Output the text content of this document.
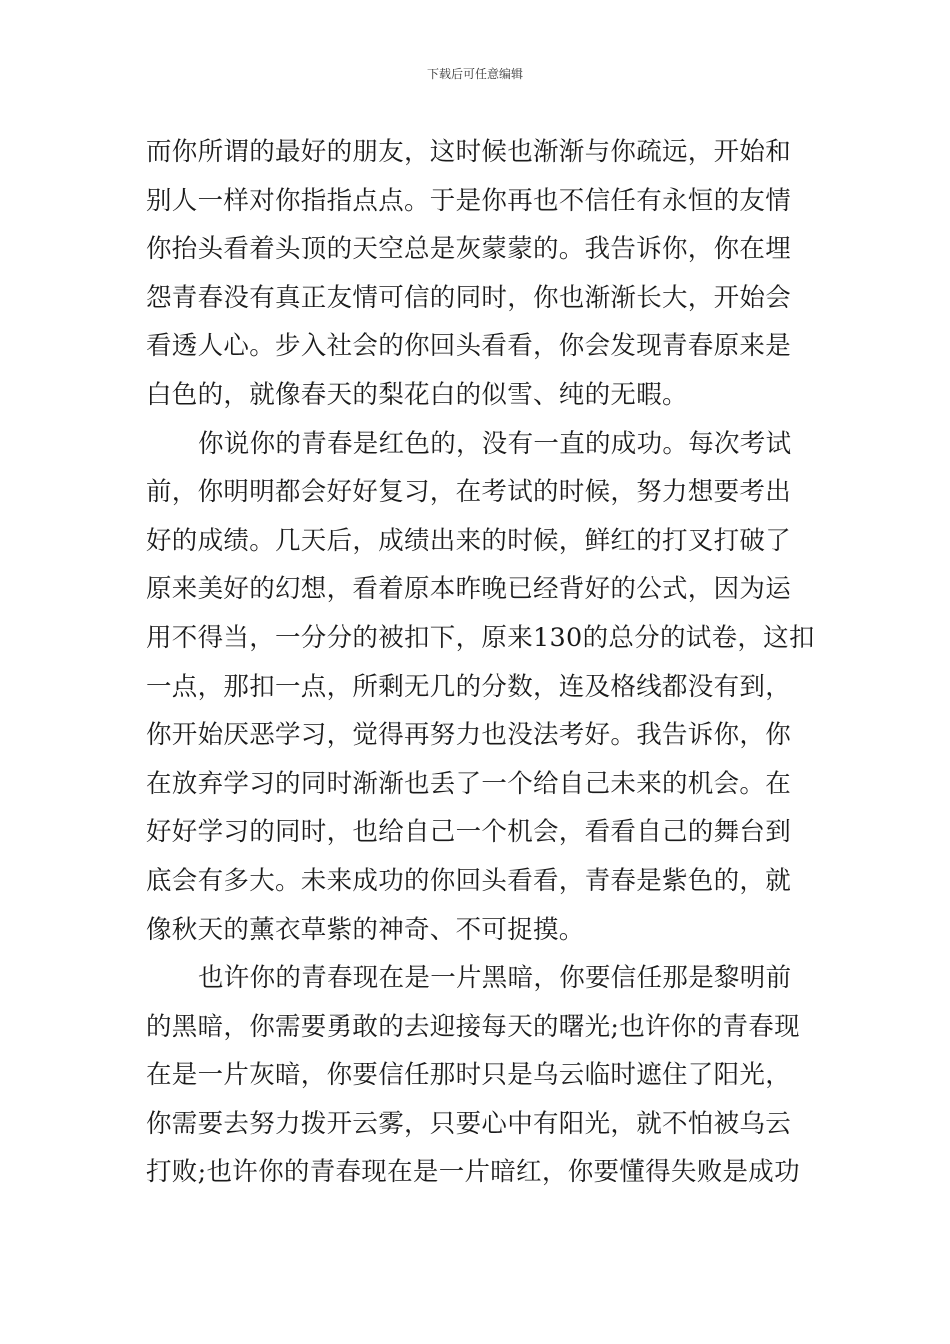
下载后可任意编辑
而你所谓的最好的朋友，这时候也渐渐与你疏远，开始和
别人一样对你指指点点。于是你再也不信任有永恒的友情
你抬头看着头顶的天空总是灰蒙蒙的。我告诉你，你在埋
怨青春没有真正友情可信的同时，你也渐渐长大，开始会
看透人心。步入社会的你回头看看，你会发现青春原来是
白色的，就像春天的梨花白的似雪、纯的无暇。
你说你的青春是红色的，没有一直的成功。每次考试
前，你明明都会好好复习，在考试的时候，努力想要考出
好的成绩。几天后，成绩出来的时候，鲜红的打叉打破了
原来美好的幻想，看着原本昨晚已经背好的公式，因为运
用不得当，一分分的被扣下，原来130的总分的试卷，这扣
一点，那扣一点，所剩无几的分数，连及格线都没有到，
你开始厌恶学习，觉得再努力也没法考好。我告诉你，你
在放弃学习的同时渐渐也丢了一个给自己未来的机会。在
好好学习的同时，也给自己一个机会，看看自己的舞台到
底会有多大。未来成功的你回头看看，青春是紫色的，就
像秋天的薰衣草紫的神奇、不可捉摸。
也许你的青春现在是一片黑暗，你要信任那是黎明前
的黑暗，你需要勇敢的去迎接每天的曙光;也许你的青春现
在是一片灰暗，你要信任那时只是乌云临时遮住了阳光，
你需要去努力拨开云雾，只要心中有阳光，就不怕被乌云
打败;也许你的青春现在是一片暗红，你要懂得失败是成功
